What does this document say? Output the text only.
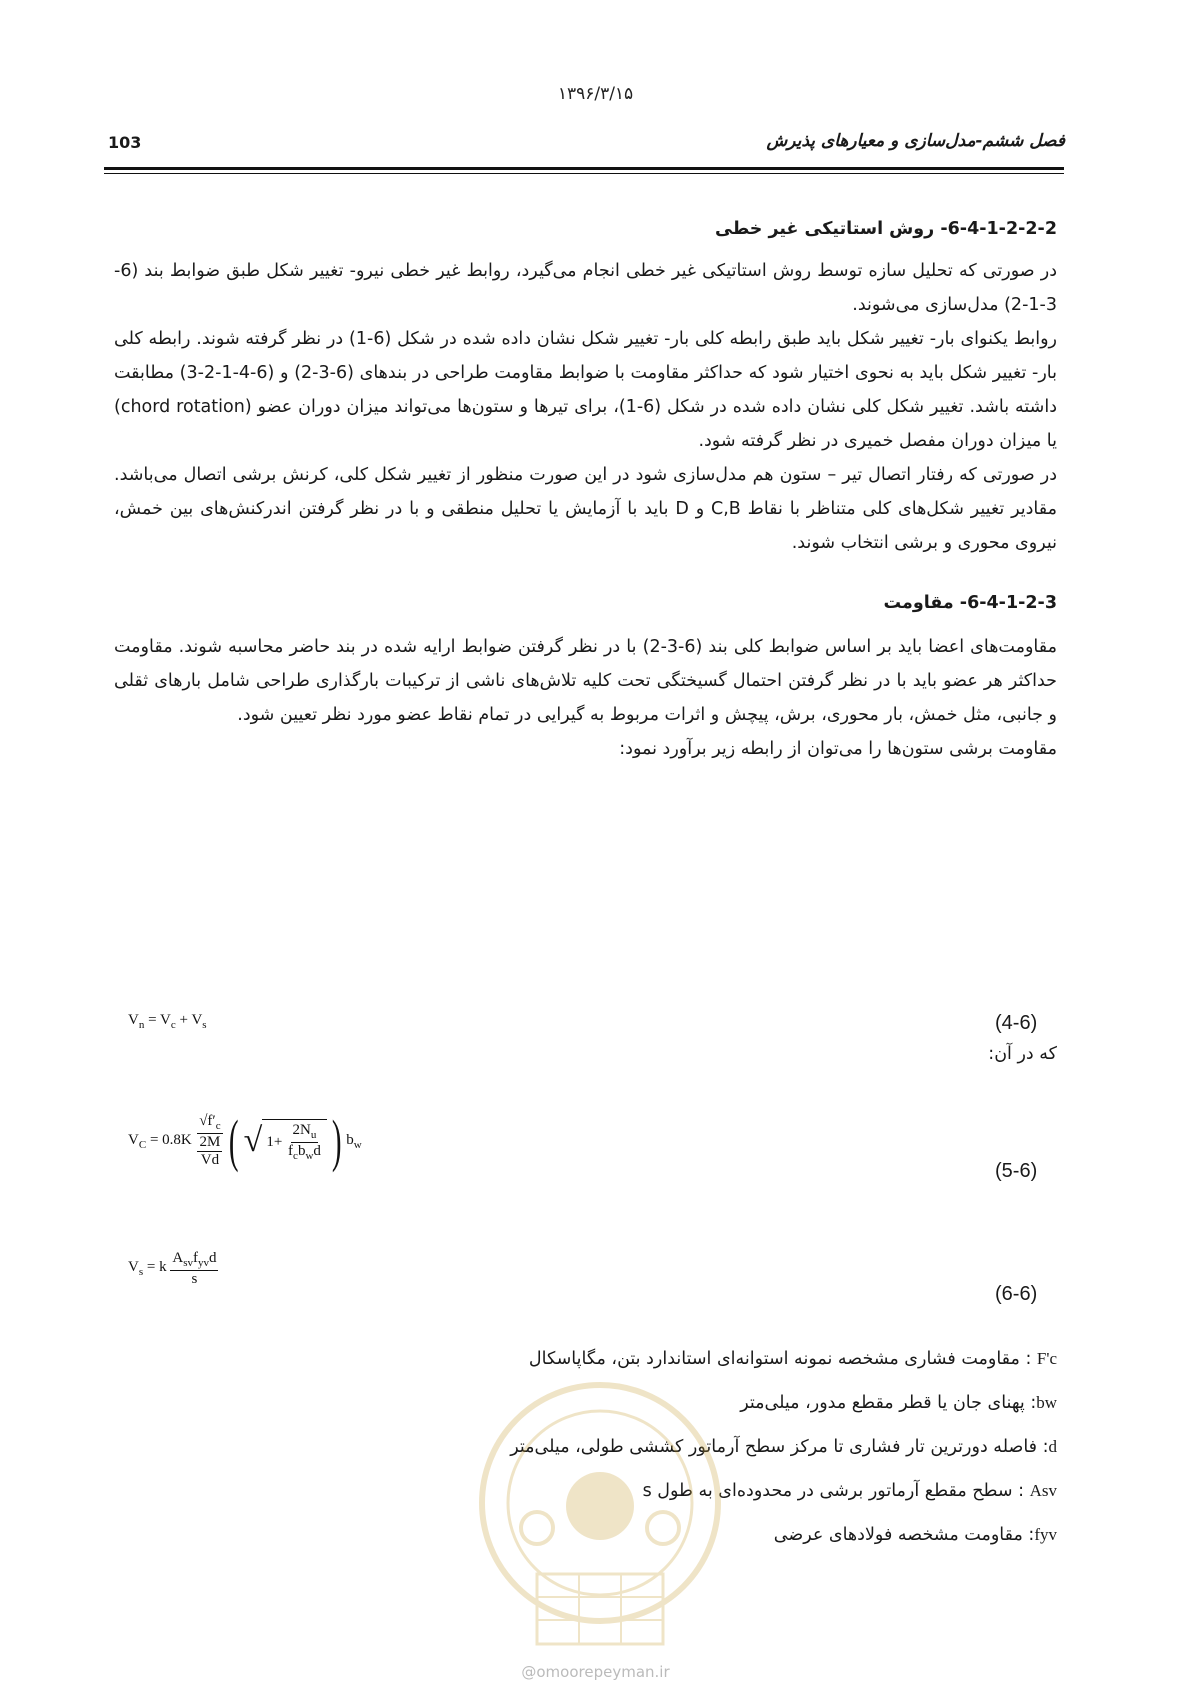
۱۳۹۶/۳/۱۵
103	فصل ششم-مدل‌سازی و معیارهای پذیرش
6-4-1-2-2-2- روش استاتیکی غیر خطی

در صورتی که تحلیل سازه توسط روش استاتیکی غیر خطی انجام می‌گیرد، روابط غیر خطی نیرو- تغییر شکل طبق ضوابط بند (6-3-1-2) مدل‌سازی می‌شوند.

روابط یکنوای بار- تغییر شکل باید طبق رابطه کلی بار- تغییر شکل نشان داده شده در شکل (6-1) در نظر گرفته شوند. رابطه کلی بار- تغییر شکل باید به نحوی اختیار شود که حداکثر مقاومت با ضوابط مقاومت طراحی در بندهای (6-3-2) و (6-4-1-2-3) مطابقت داشته باشد. تغییر شکل کلی نشان داده شده در شکل (6-1)، برای تیرها و ستون‌ها می‌تواند میزان دوران عضو (chord rotation) یا میزان دوران مفصل خمیری در نظر گرفته شود.

در صورتی که رفتار اتصال تیر – ستون هم مدل‌سازی شود در این صورت منظور از تغییر شکل کلی، کرنش برشی اتصال می‌باشد. مقادیر تغییر شکل‌های کلی متناظر با نقاط C,B و D باید با آزمایش یا تحلیل منطقی و با در نظر گرفتن اندرکنش‌های بین خمش، نیروی محوری و برشی انتخاب شوند.

6-4-1-2-3- مقاومت

مقاومت‌های اعضا باید بر اساس ضوابط کلی بند (6-3-2) با در نظر گرفتن ضوابط ارایه شده در بند حاضر محاسبه شوند. مقاومت حداکثر هر عضو باید با در نظر گرفتن احتمال گسیختگی تحت کلیه تلاش‌های ناشی از ترکیبات بارگذاری طراحی شامل بارهای ثقلی و جانبی، مثل خمش، بار محوری، برش، پیچش و اثرات مربوط به گیرایی در تمام نقاط عضو مورد نظر تعیین شود.

مقاومت برشی ستون‌ها را می‌توان از رابطه زیر برآورد نمود:

$V_n = V_c + V_s$	(4-6)
که در آن:
$V_C = 0.8K \frac{√f'_c}{\frac{2M}{Vd}}$ ( √ $1+ \frac{2N_u}{f_cb_wd}$ ) $b_w$
(5-6)
$V_s = k \frac{A_{sv}f_{yv}d}{s}$
(6-6)
F'c : مقاومت فشاری مشخصه نمونه استوانه‌ای استاندارد بتن، مگاپاسکال
bw: پهنای جان یا قطر مقطع مدور، میلی‌متر
d: فاصله دورترین تار فشاری تا مرکز سطح آرماتور کششی طولی، میلی‌متر
Asv : سطح مقطع آرماتور برشی در محدوده‌ای به طول s
fyv: مقاومت مشخصه فولادهای عرضی
@omoorepeyman.ir
